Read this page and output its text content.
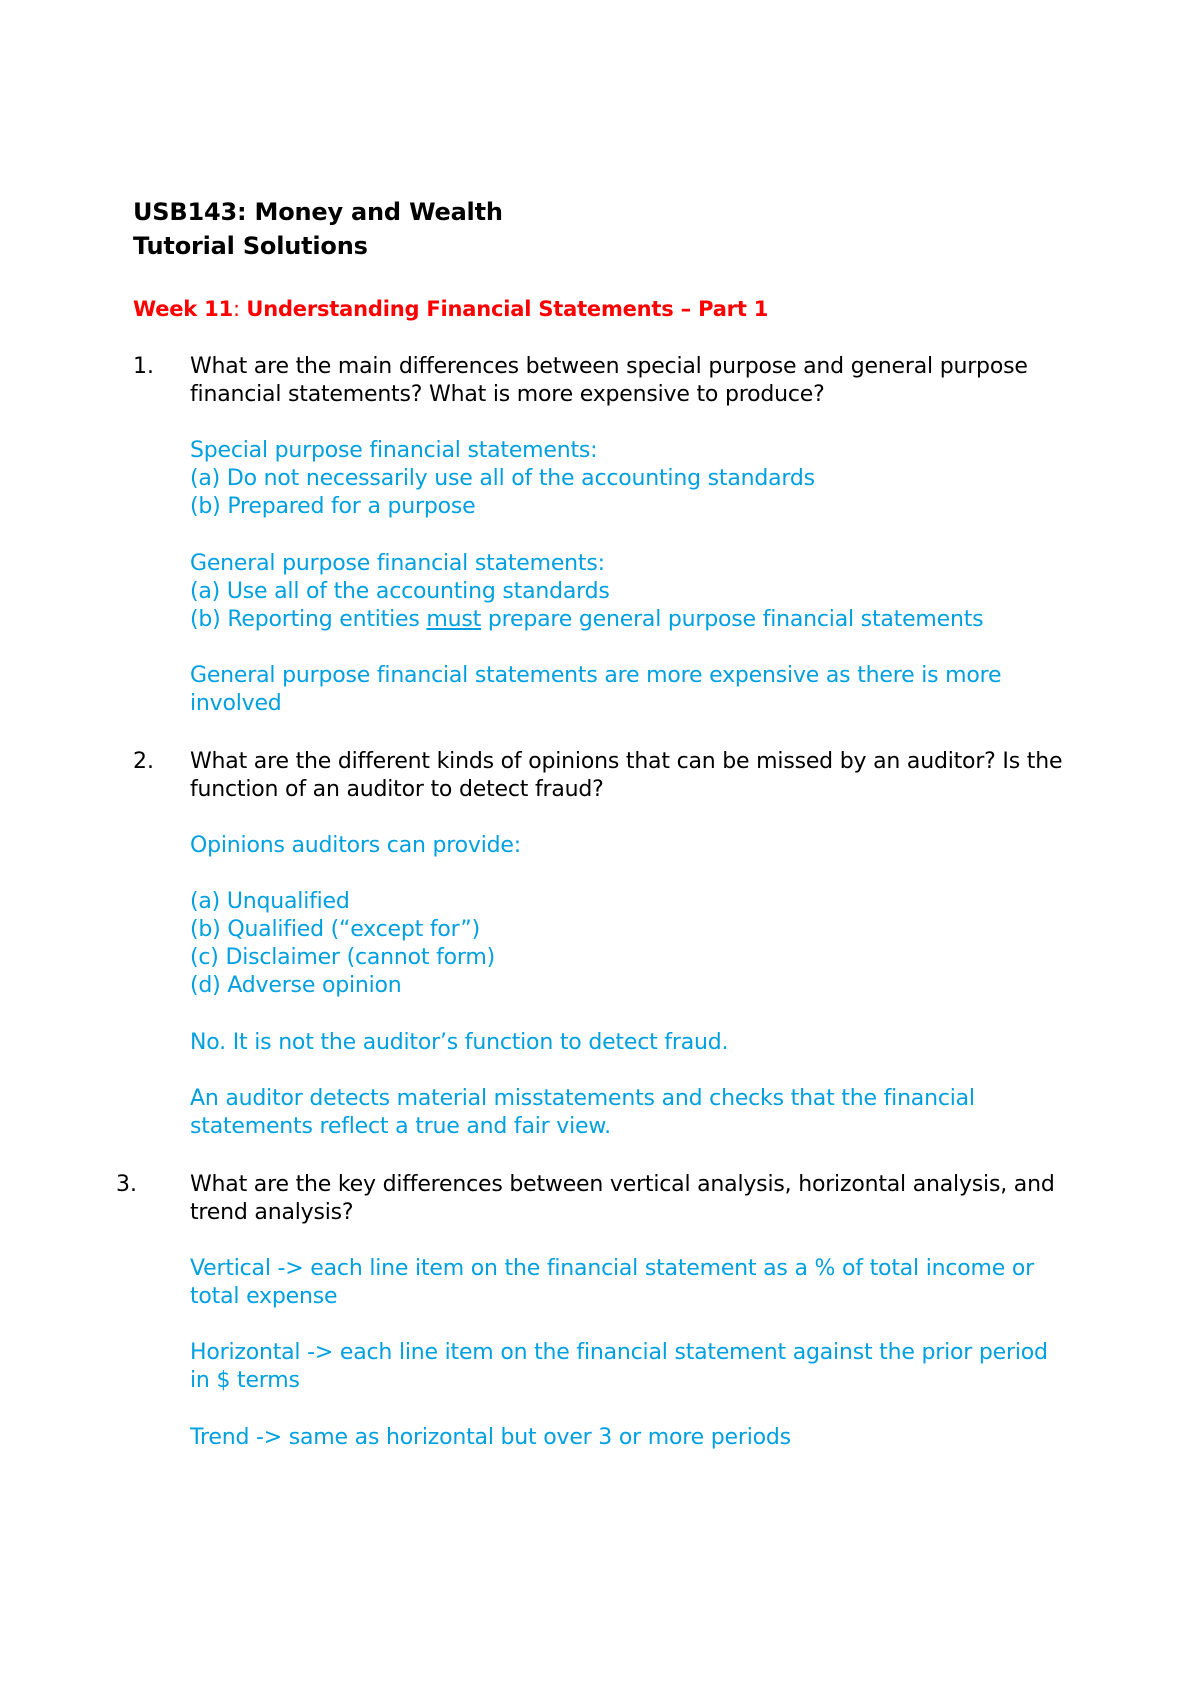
USB143: Money and Wealth
Tutorial Solutions
Week 11: Understanding Financial Statements – Part 1
1. What are the main differences between special purpose and general purpose
financial statements? What is more expensive to produce?
Special purpose financial statements:
(a) Do not necessarily use all of the accounting standards
(b) Prepared for a purpose
General purpose financial statements:
(a) Use all of the accounting standards
(b) Reporting entities must prepare general purpose financial statements
General purpose financial statements are more expensive as there is more
involved
2. What are the different kinds of opinions that can be missed by an auditor? Is the
function of an auditor to detect fraud?
Opinions auditors can provide:
(a) Unqualified
(b) Qualified (“except for”)
(c) Disclaimer (cannot form)
(d) Adverse opinion
No. It is not the auditor’s function to detect fraud.
An auditor detects material misstatements and checks that the financial
statements reflect a true and fair view.
3. What are the key differences between vertical analysis, horizontal analysis, and
trend analysis?
Vertical -> each line item on the financial statement as a % of total income or
total expense
Horizontal -> each line item on the financial statement against the prior period
in $ terms
Trend -> same as horizontal but over 3 or more periods
